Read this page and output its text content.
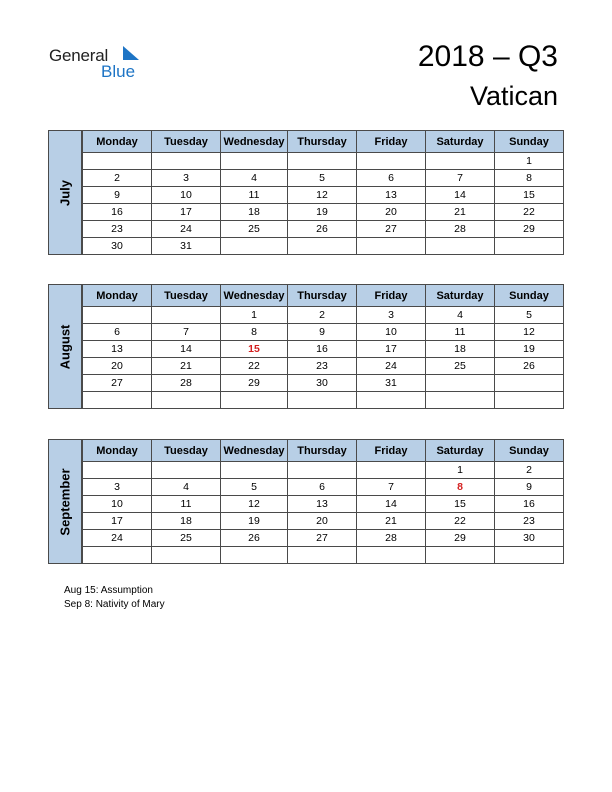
General
Blue	2018 – Q3
Vatican
July
Monday	Tuesday	Wednesday	Thursday	Friday	Saturday	Sunday
						1
2	3	4	5	6	7	8
9	10	11	12	13	14	15
16	17	18	19	20	21	22
23	24	25	26	27	28	29
30	31					
August
Monday	Tuesday	Wednesday	Thursday	Friday	Saturday	Sunday
		1	2	3	4	5
6	7	8	9	10	11	12
13	14	15	16	17	18	19
20	21	22	23	24	25	26
27	28	29	30	31		

September
Monday	Tuesday	Wednesday	Thursday	Friday	Saturday	Sunday
					1	2
3	4	5	6	7	8	9
10	11	12	13	14	15	16
17	18	19	20	21	22	23
24	25	26	27	28	29	30

Aug 15: Assumption
Sep 8: Nativity of Mary
